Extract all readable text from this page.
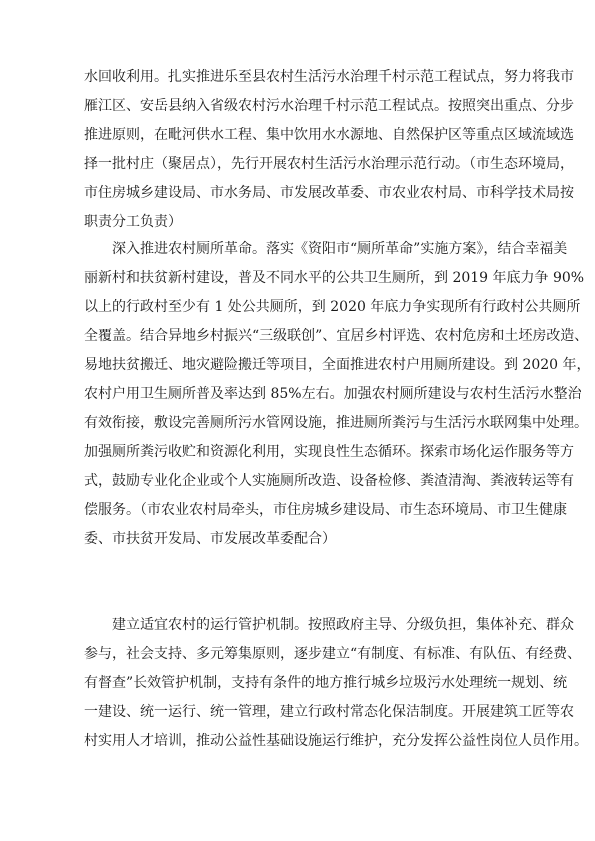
水回收利用。扎实推进乐至县农村生活污水治理千村示范工程试点，努力将我市
雁江区、安岳县纳入省级农村污水治理千村示范工程试点。按照突出重点、分步
推进原则，在毗河供水工程、集中饮用水水源地、自然保护区等重点区域流域选
择一批村庄（聚居点），先行开展农村生活污水治理示范行动。（市生态环境局，
市住房城乡建设局、市水务局、市发展改革委、市农业农村局、市科学技术局按
职责分工负责）
　　深入推进农村厕所革命。落实《资阳市“厕所革命”实施方案》，结合幸福美
丽新村和扶贫新村建设，普及不同水平的公共卫生厕所，到 2019 年底力争 90%
以上的行政村至少有 1 处公共厕所，到 2020 年底力争实现所有行政村公共厕所
全覆盖。结合异地乡村振兴“三级联创”、宜居乡村评选、农村危房和土坯房改造、
易地扶贫搬迁、地灾避险搬迁等项目，全面推进农村户用厕所建设。到 2020 年，
农村户用卫生厕所普及率达到 85%左右。加强农村厕所建设与农村生活污水整治
有效衔接，敷设完善厕所污水管网设施，推进厕所粪污与生活污水联网集中处理。
加强厕所粪污收贮和资源化利用，实现良性生态循环。探索市场化运作服务等方
式，鼓励专业化企业或个人实施厕所改造、设备检修、粪渣清淘、粪液转运等有
偿服务。（市农业农村局牵头，市住房城乡建设局、市生态环境局、市卫生健康
委、市扶贫开发局、市发展改革委配合）
　　建立适宜农村的运行管护机制。按照政府主导、分级负担，集体补充、群众
参与，社会支持、多元筹集原则，逐步建立“有制度、有标准、有队伍、有经费、
有督查”长效管护机制，支持有条件的地方推行城乡垃圾污水处理统一规划、统
一建设、统一运行、统一管理，建立行政村常态化保洁制度。开展建筑工匠等农
村实用人才培训，推动公益性基础设施运行维护，充分发挥公益性岗位人员作用。
